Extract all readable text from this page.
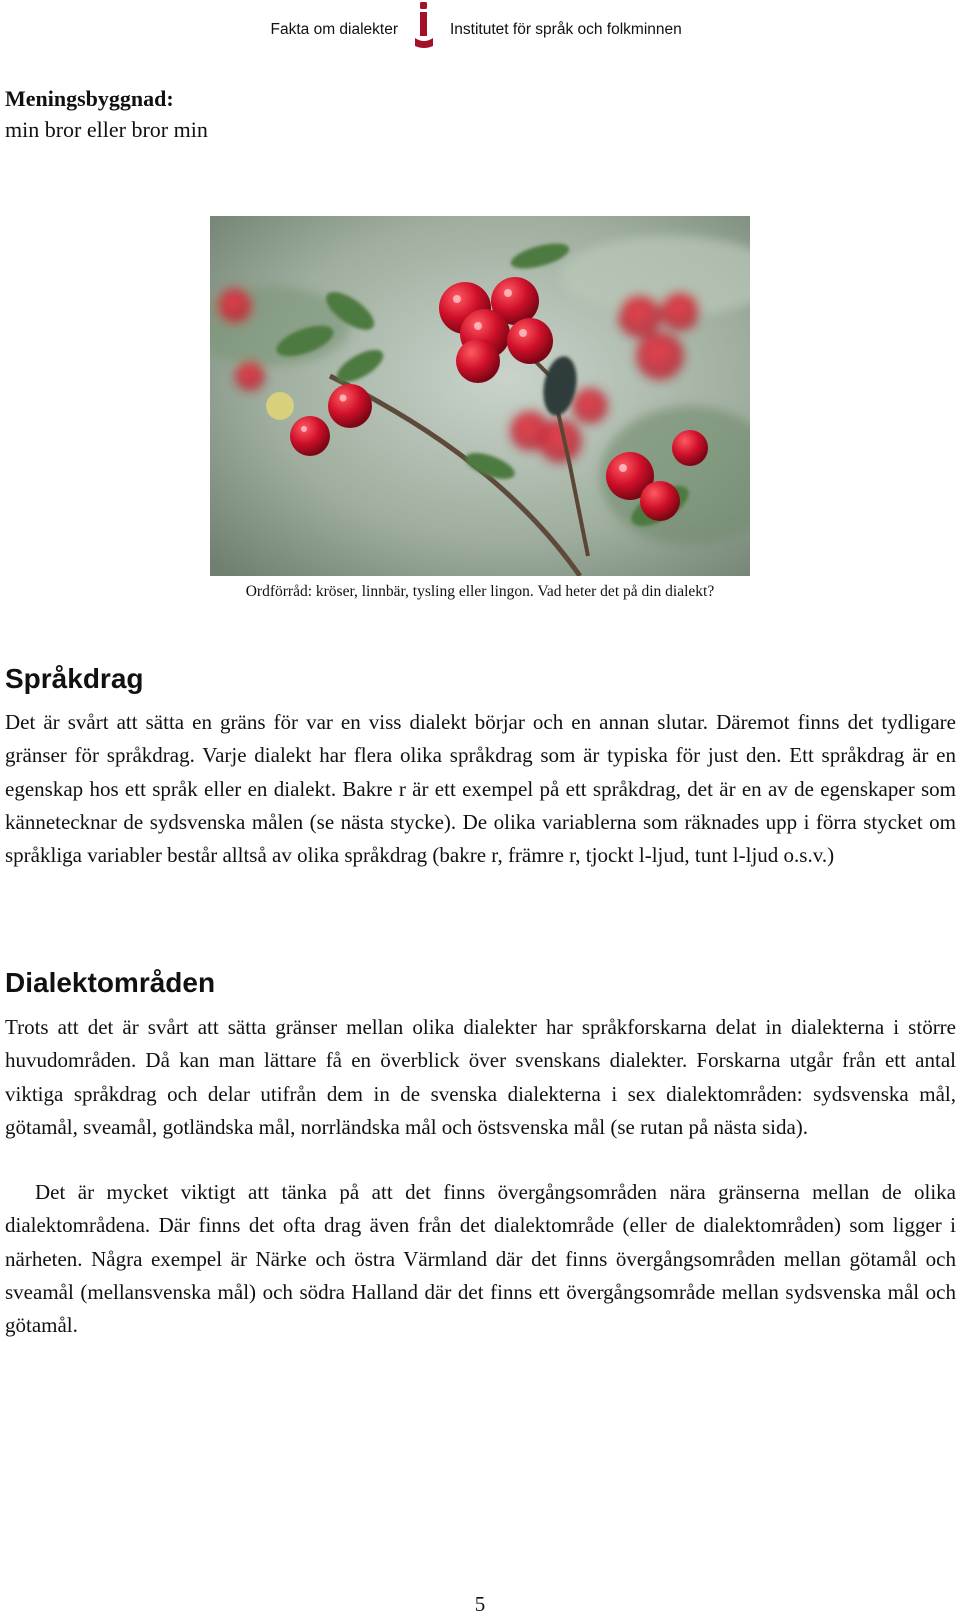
Fakta om dialekter	Institutet för språk och folkminnen
Meningsbyggnad:
min bror eller bror min
Ordförråd: kröser, linnbär, tysling eller lingon. Vad heter det på din dialekt?
Språkdrag

Det är svårt att sätta en gräns för var en viss dialekt börjar och en annan slutar. Däremot finns det tydligare gränser för språkdrag. Varje dialekt har flera olika språkdrag som är typiska för just den. Ett språkdrag är en egenskap hos ett språk eller en dialekt. Bakre r är ett exempel på ett språkdrag, det är en av de egenskaper som kännetecknar de sydsvenska målen (se nästa stycke). De olika variablerna som räknades upp i förra stycket om språkliga variabler består alltså av olika språkdrag (bakre r, främre r, tjockt l-ljud, tunt l-ljud o.s.v.)

Dialektområden

Trots att det är svårt att sätta gränser mellan olika dialekter har språkforskarna delat in dialekterna i större huvudområden. Då kan man lättare få en överblick över svenskans dialekter. Forskarna utgår från ett antal viktiga språkdrag och delar utifrån dem in de svenska dialekterna i sex dialektområden: sydsvenska mål, götamål, sveamål, gotländska mål, norrländska mål och östsvenska mål (se rutan på nästa sida).

Det är mycket viktigt att tänka på att det finns övergångsområden nära gränserna mellan de olika dialektområdena. Där finns det ofta drag även från det dialektområde (eller de dialektområden) som ligger i närheten. Några exempel är Närke och östra Värmland där det finns övergångsområden mellan götamål och sveamål (mellansvenska mål) och södra Halland där det finns ett övergångsområde mellan sydsvenska mål och götamål.

5
